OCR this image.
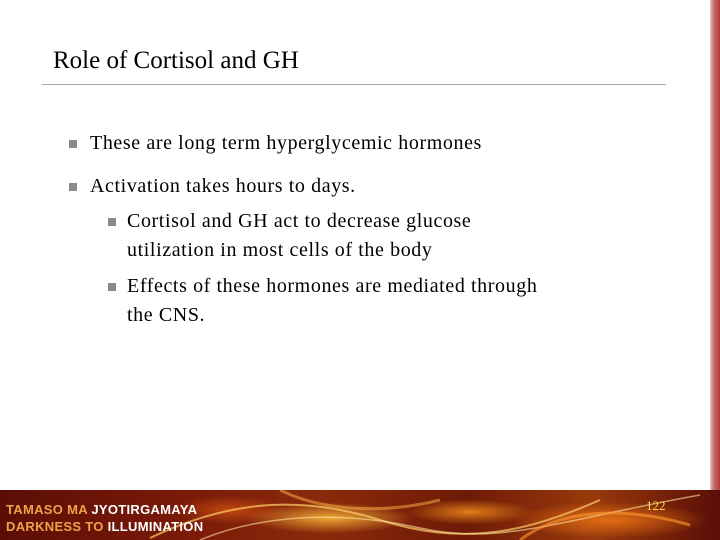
Role of Cortisol and GH
These are long term hyperglycemic hormones
Activation takes hours to days.
Cortisol and GH act to decrease glucose
utilization in most cells of the body
Effects of these hormones are mediated through
the CNS.
TAMASO MA JYOTIRGAMAYA
DARKNESS TO ILLUMINATION
122
